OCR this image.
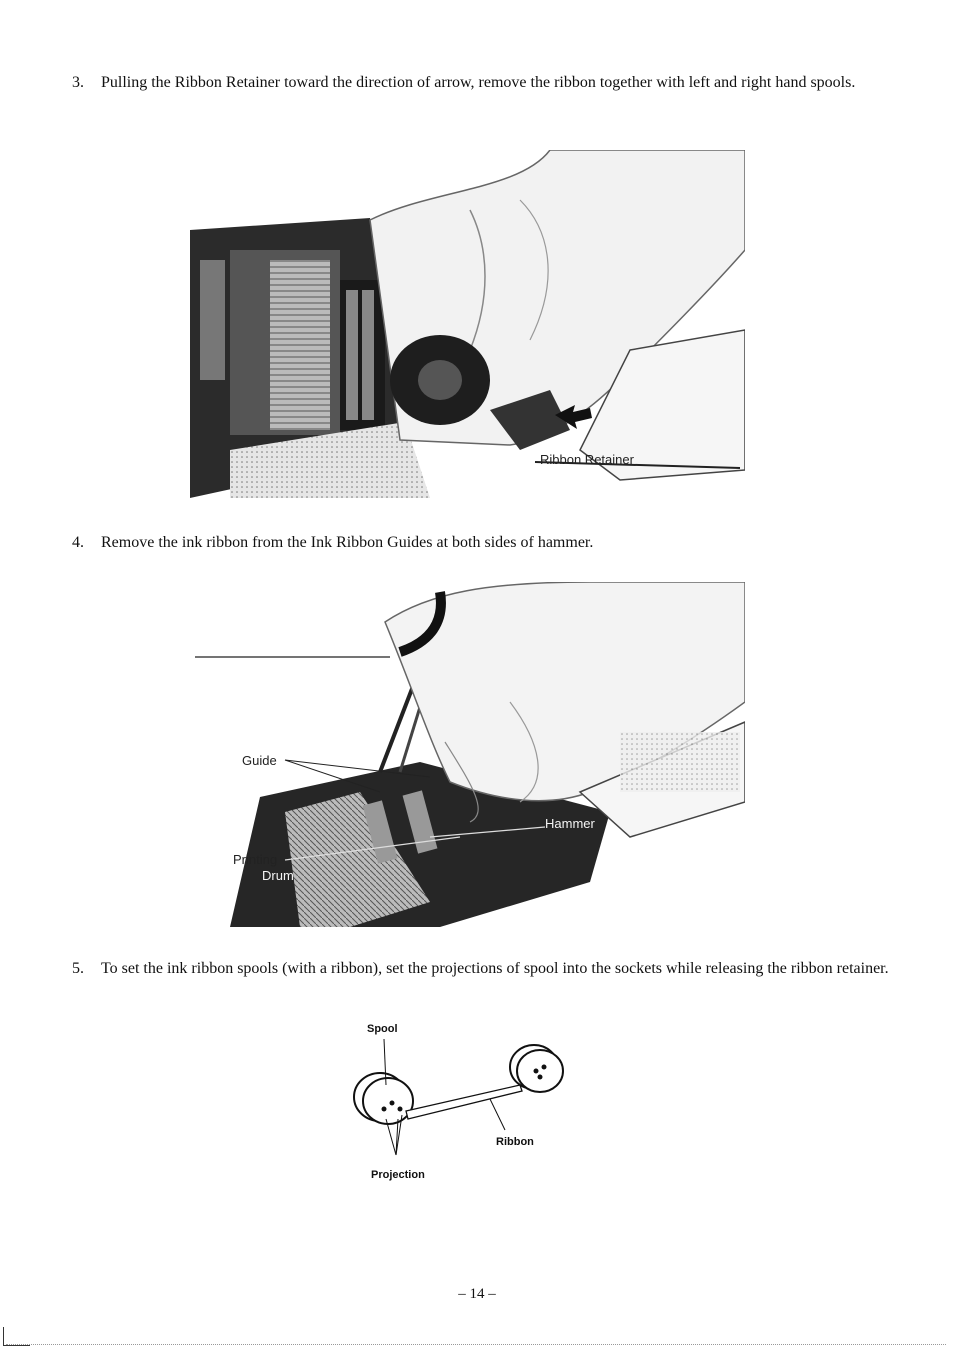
3. Pulling the Ribbon Retainer toward the direction of arrow, remove the ribbon together with left and right hand spools.
Ribbon Retainer
4. Remove the ink ribbon from the Ink Ribbon Guides at both sides of hammer.
Guide
Printing
Drum
Hammer
5. To set the ink ribbon spools (with a ribbon), set the projections of spool into the sockets while releasing the ribbon retainer.
Spool
Ribbon
Projection
– 14 –
